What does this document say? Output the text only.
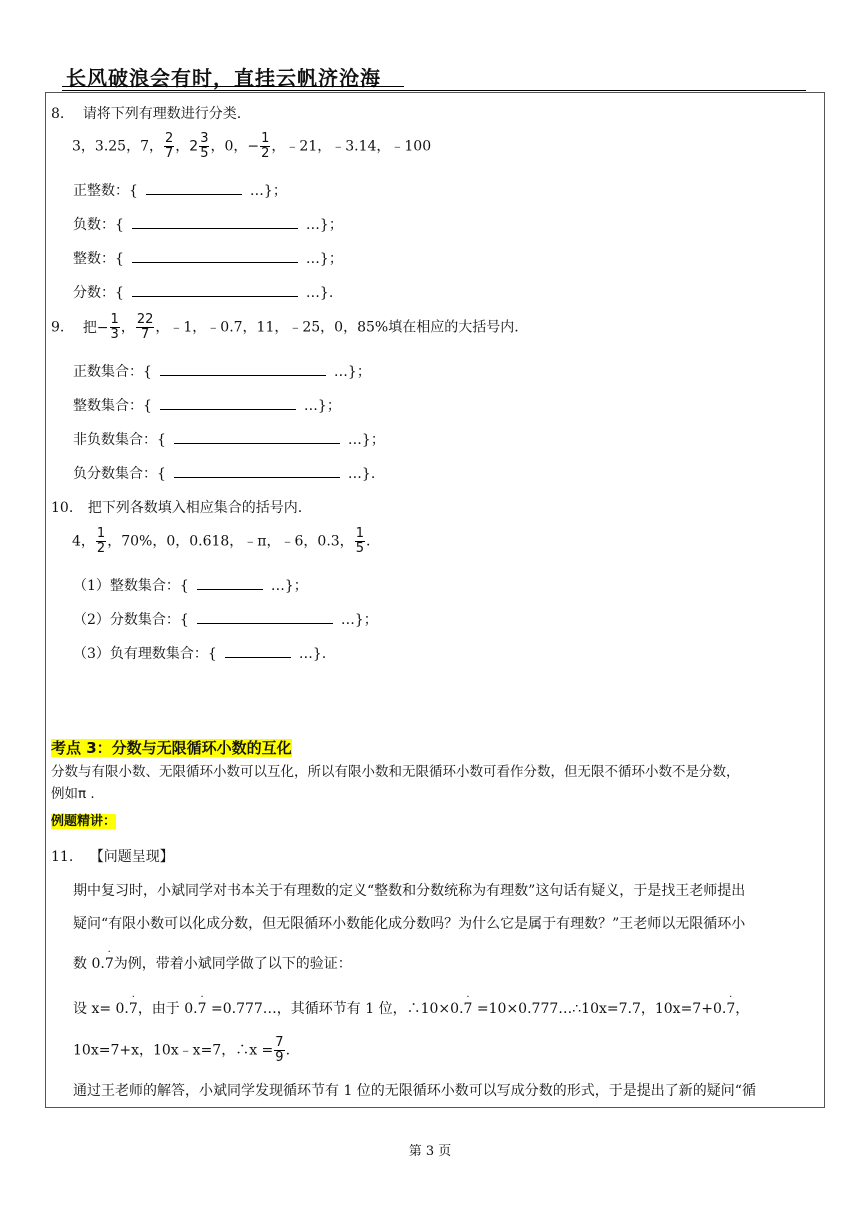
长风破浪会有时，直挂云帆济沧海
8. 请将下列有理数进行分类.
3，3.25，7， $\frac{2}{7}$ ，$2 \frac{3}{5}$ ，0，− $\frac{1}{2}$ ，﹣21，﹣3.14，﹣100
正整数：{	…}；
负数：{	…}；
整数：{	…}；
分数：{	…}.
9. 把− $\frac{1}{3}$ ， $\frac{22}{7}$ ，﹣1，﹣0.7，11，﹣25，0，85%填在相应的大括号内.
正数集合：{	…}；
整数集合：{	…}；
非负数集合：{	…}；
负分数集合：{	…}.
10. 把下列各数填入相应集合的括号内.
4， $\frac{1}{2}$ ，70%，0，0.618，﹣π，﹣6，0.3， $\frac{1}{5}$ .
（1）整数集合：{	…}；
（2）分数集合：{	…}；
（3）负有理数集合：{	…}.
考点 3：分数与无限循环小数的互化
分数与有限小数、无限循环小数可以互化，所以有限小数和无限循环小数可看作分数，但无限不循环小数不是分数，
例如π .
例题精讲：
11. 【问题呈现】
期中复习时，小斌同学对书本关于有理数的定义“整数和分数统称为有理数”这句话有疑义，于是找王老师提出
疑问“有限小数可以化成分数，但无限循环小数能化成分数吗？为什么它是属于有理数？”王老师以无限循环小
数 0.· 7为例，带着小斌同学做了以下的验证：
设 x= 0.· 7，由于 0.· 7 =0.777…，其循环节有 1 位，∴10×0.· 7 =10×0.777…∴10x=7.7，10x=7+0.· 7，
10x=7+x，10x﹣x=7，∴x = $\frac{7}{9}$ .
通过王老师的解答，小斌同学发现循环节有 1 位的无限循环小数可以写成分数的形式，于是提出了新的疑问“循
第 3 页
